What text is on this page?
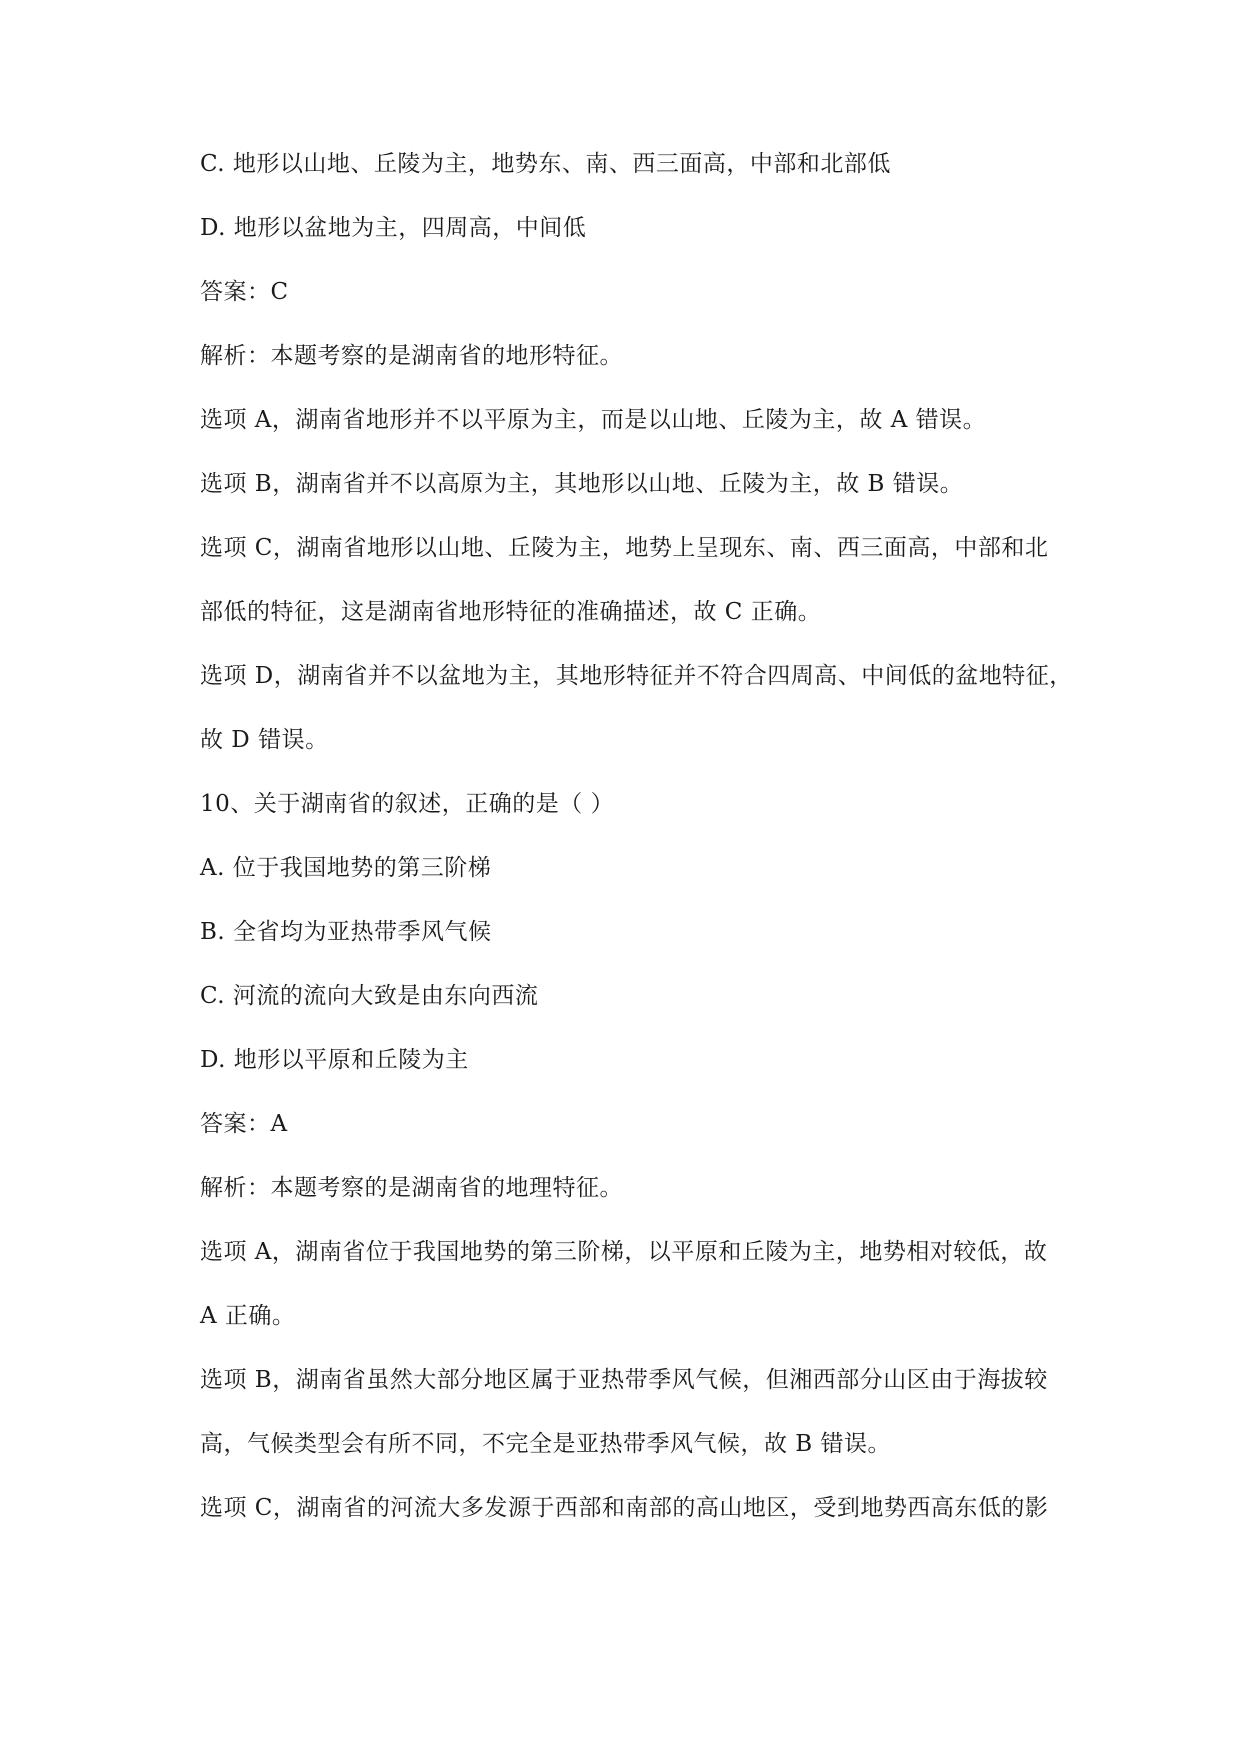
C. 地形以山地、丘陵为主，地势东、南、西三面高，中部和北部低
D. 地形以盆地为主，四周高，中间低
答案：C
解析：本题考察的是湖南省的地形特征。
选项 A，湖南省地形并不以平原为主，而是以山地、丘陵为主，故 A 错误。
选项 B，湖南省并不以高原为主，其地形以山地、丘陵为主，故 B 错误。
选项 C，湖南省地形以山地、丘陵为主，地势上呈现东、南、西三面高，中部和北
部低的特征，这是湖南省地形特征的准确描述，故 C 正确。
选项 D，湖南省并不以盆地为主，其地形特征并不符合四周高、中间低的盆地特征，
故 D 错误。
10、关于湖南省的叙述，正确的是（ ）
A. 位于我国地势的第三阶梯
B. 全省均为亚热带季风气候
C. 河流的流向大致是由东向西流
D. 地形以平原和丘陵为主
答案：A
解析：本题考察的是湖南省的地理特征。
选项 A，湖南省位于我国地势的第三阶梯，以平原和丘陵为主，地势相对较低，故
A 正确。
选项 B，湖南省虽然大部分地区属于亚热带季风气候，但湘西部分山区由于海拔较
高，气候类型会有所不同，不完全是亚热带季风气候，故 B 错误。
选项 C，湖南省的河流大多发源于西部和南部的高山地区，受到地势西高东低的影
